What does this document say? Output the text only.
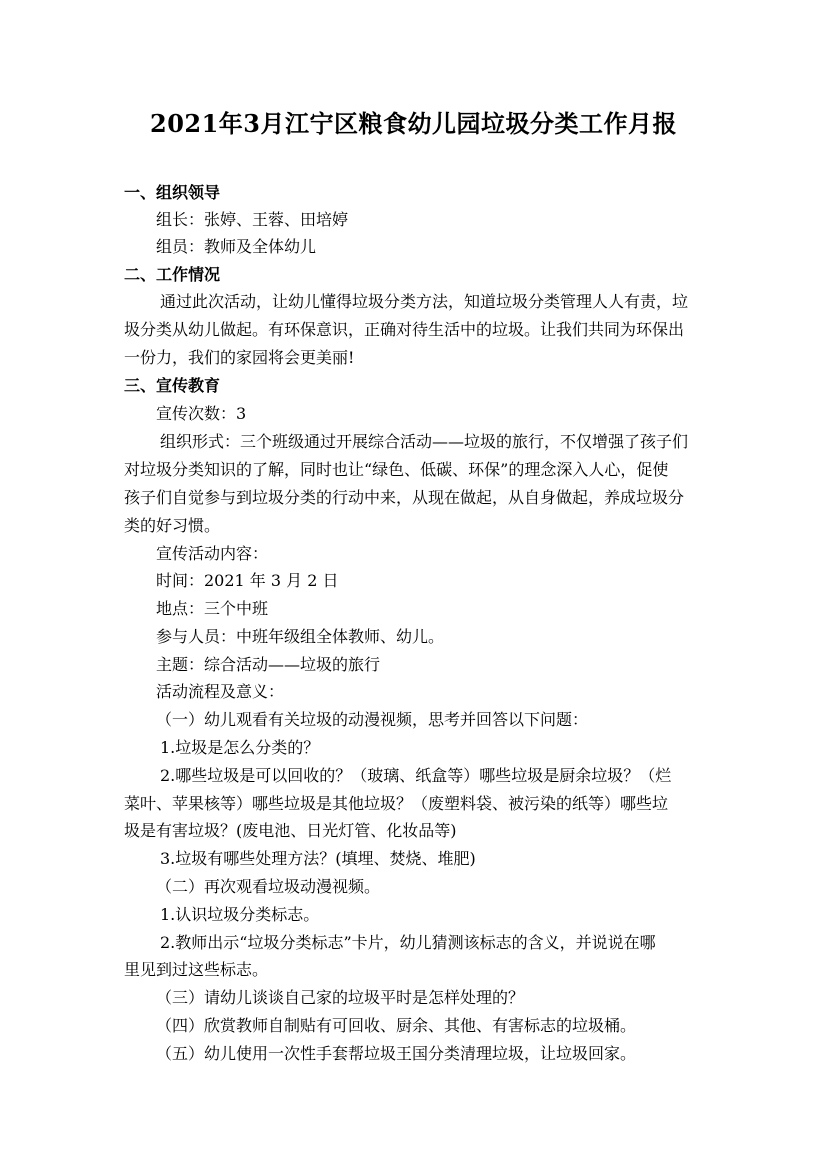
2021年3月江宁区粮食幼儿园垃圾分类工作月报
一、组织领导
组长：张婷、王蓉、田培婷
组员：教师及全体幼儿
二、工作情况
通过此次活动，让幼儿懂得垃圾分类方法，知道垃圾分类管理人人有责，垃
圾分类从幼儿做起。有环保意识，正确对待生活中的垃圾。让我们共同为环保出
一份力，我们的家园将会更美丽!
三、宣传教育
宣传次数：3
组织形式：三个班级通过开展综合活动——垃圾的旅行，不仅增强了孩子们
对垃圾分类知识的了解，同时也让“绿色、低碳、环保”的理念深入人心，促使
孩子们自觉参与到垃圾分类的行动中来，从现在做起，从自身做起，养成垃圾分
类的好习惯。
宣传活动内容：
时间：2021 年 3 月 2 日
地点：三个中班
参与人员：中班年级组全体教师、幼儿。
主题：综合活动——垃圾的旅行
活动流程及意义：
（一）幼儿观看有关垃圾的动漫视频，思考并回答以下问题：
1.垃圾是怎么分类的？
2.哪些垃圾是可以回收的？（玻璃、纸盒等）哪些垃圾是厨余垃圾？（烂
菜叶、苹果核等）哪些垃圾是其他垃圾？（废塑料袋、被污染的纸等）哪些垃
圾是有害垃圾？(废电池、日光灯管、化妆品等)
3.垃圾有哪些处理方法？(填埋、焚烧、堆肥)
（二）再次观看垃圾动漫视频。
1.认识垃圾分类标志。
2.教师出示“垃圾分类标志”卡片，幼儿猜测该标志的含义，并说说在哪
里见到过这些标志。
（三）请幼儿谈谈自己家的垃圾平时是怎样处理的？
（四）欣赏教师自制贴有可回收、厨余、其他、有害标志的垃圾桶。
（五）幼儿使用一次性手套帮垃圾王国分类清理垃圾，让垃圾回家。
